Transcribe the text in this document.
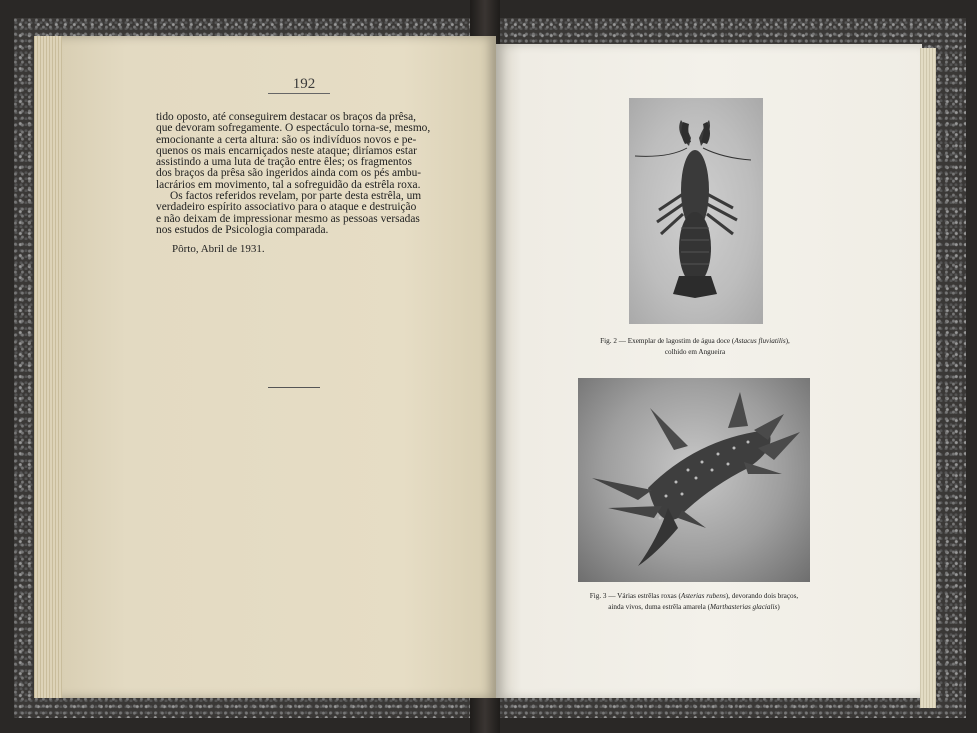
192

tido oposto, até conseguirem destacar os braços da prêsa,

que devoram sofregamente. O espectáculo torna-se, mesmo,

emocionante a certa altura: são os indivíduos novos e pe-

quenos os mais encarniçados neste ataque; diríamos estar

assistindo a uma luta de tração entre êles; os fragmentos

dos braços da prêsa são ingeridos ainda com os pés ambu-

lacrários em movimento, tal a sofreguidão da estrêla roxa.

Os factos referidos revelam, por parte desta estrêla, um

verdadeiro espírito associativo para o ataque e destruição

e não deixam de impressionar mesmo as pessoas versadas

nos estudos de Psicologia comparada.

Pôrto, Abril de 1931.
Fig. 2 — Exemplar de lagostim de água doce (Astacus fluviatilis),
colhido em Angueira
Fig. 3 — Várias estrêlas roxas (Asterias rubens), devorando dois braços,
ainda vivos, duma estrêla amarela (Marthasterias glacialis)
